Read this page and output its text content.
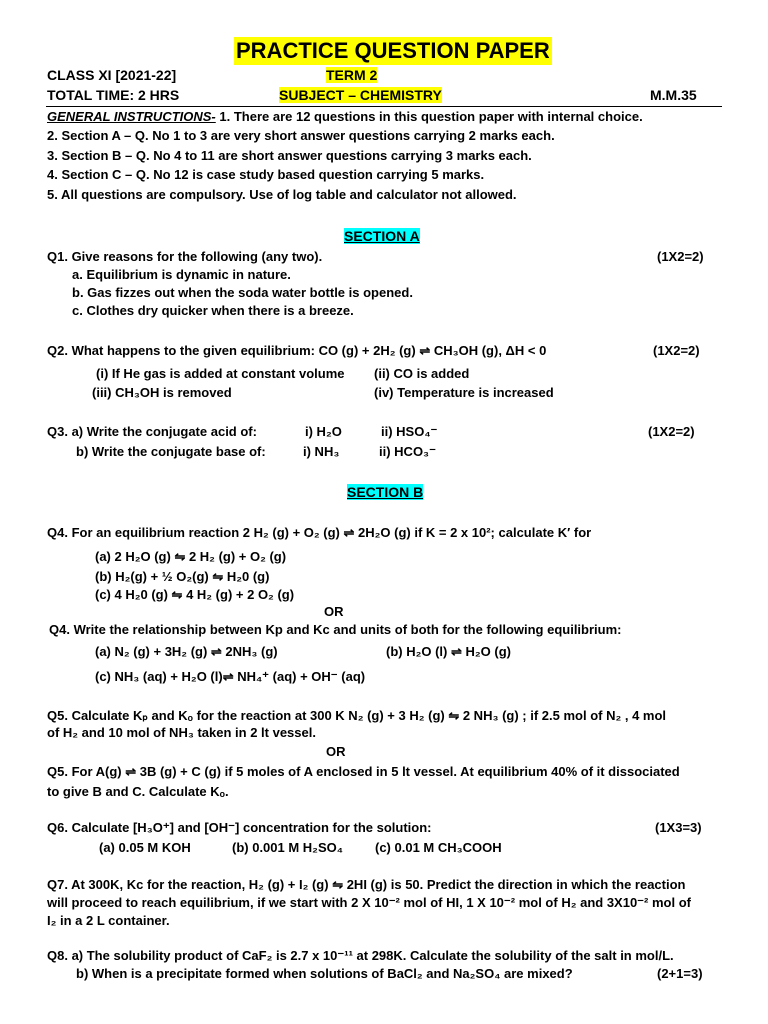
PRACTICE QUESTION PAPER
CLASS XI [2021-22]	TERM 2
TOTAL TIME: 2 HRS	SUBJECT – CHEMISTRY	M.M.35
GENERAL INSTRUCTIONS- 1. There are 12 questions in this question paper with internal choice.
2. Section A – Q. No 1 to 3 are very short answer questions carrying 2 marks each.
3. Section B – Q. No 4 to 11 are short answer questions carrying 3 marks each.
4. Section C – Q. No 12 is case study based question carrying 5 marks.
5. All questions are compulsory. Use of log table and calculator not allowed.
SECTION A
Q1. Give reasons for the following (any two).	(1X2=2)
a. Equilibrium is dynamic in nature.
b. Gas fizzes out when the soda water bottle is opened.
c. Clothes dry quicker when there is a breeze.
Q2. What happens to the given equilibrium: CO (g) + 2H₂ (g) ⇌ CH₃OH (g), ΔH < 0	(1X2=2)
(i) If He gas is added at constant volume (ii) CO is added
(iii) CH₃OH is removed	(iv) Temperature is increased
Q3. a) Write the conjugate acid of:	i) H₂O	ii) HSO₄⁻	(1X2=2)
b) Write the conjugate base of:	i) NH₃	ii) HCO₃⁻
SECTION B
Q4. For an equilibrium reaction 2 H₂ (g) + O₂ (g) ⇌ 2H₂O (g) if K = 2 x 10²; calculate K′ for
(a) 2 H₂O (g) ⇋ 2 H₂ (g) + O₂ (g)
(b) H₂(g) + ½ O₂(g) ⇋ H₂0 (g)
(c) 4 H₂0 (g) ⇋ 4 H₂ (g) + 2 O₂ (g)
OR
Q4. Write the relationship between Kp and Kc and units of both for the following equilibrium:
(a) N₂ (g) + 3H₂ (g) ⇌ 2NH₃ (g)	(b) H₂O (l) ⇌ H₂O (g)
(c) NH₃ (aq) + H₂O (l)⇌ NH₄⁺ (aq) + OH⁻ (aq)
Q5. Calculate Kₚ and Kₒ for the reaction at 300 K N₂ (g) + 3 H₂ (g) ⇋ 2 NH₃ (g) ; if 2.5 mol of N₂ , 4 mol
of H₂ and 10 mol of NH₃ taken in 2 lt vessel.
OR
Q5. For A(g) ⇌ 3B (g) + C (g) if 5 moles of A enclosed in 5 lt vessel. At equilibrium 40% of it dissociated
to give B and C. Calculate Kₒ.
Q6. Calculate [H₃O⁺] and [OH⁻] concentration for the solution:	(1X3=3)
(a) 0.05 M KOH	(b) 0.001 M H₂SO₄ (c) 0.01 M CH₃COOH
Q7. At 300K, Kc for the reaction, H₂ (g) + I₂ (g) ⇋ 2HI (g) is 50. Predict the direction in which the reaction
will proceed to reach equilibrium, if we start with 2 X 10⁻² mol of HI, 1 X 10⁻² mol of H₂ and 3X10⁻² mol of
I₂ in a 2 L container.
Q8. a) The solubility product of CaF₂ is 2.7 x 10⁻¹¹ at 298K. Calculate the solubility of the salt in mol/L.
b) When is a precipitate formed when solutions of BaCl₂ and Na₂SO₄ are mixed?	(2+1=3)
